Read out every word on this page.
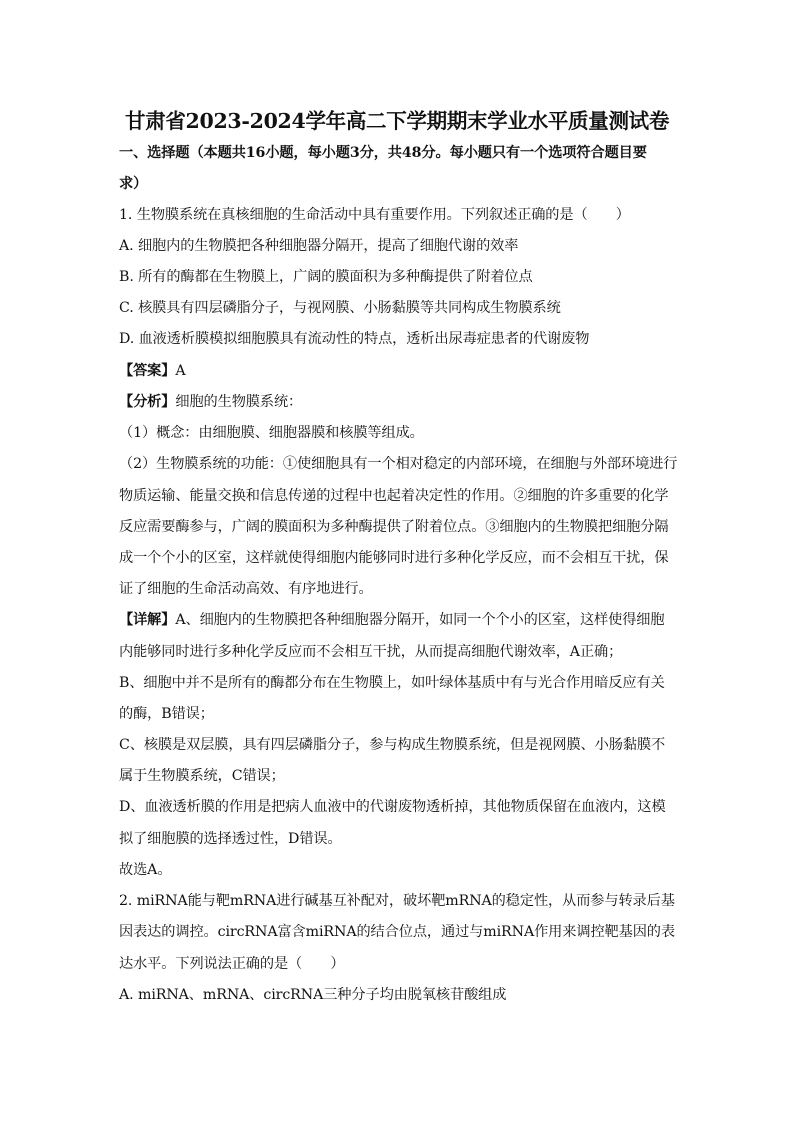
甘肃省2023-2024学年高二下学期期末学业水平质量测试卷
一、选择题（本题共16小题，每小题3分，共48分。每小题只有一个选项符合题目要
求）
1. 生物膜系统在真核细胞的生命活动中具有重要作用。下列叙述正确的是（　　）
A. 细胞内的生物膜把各种细胞器分隔开，提高了细胞代谢的效率
B. 所有的酶都在生物膜上，广阔的膜面积为多种酶提供了附着位点
C. 核膜具有四层磷脂分子，与视网膜、小肠黏膜等共同构成生物膜系统
D. 血液透析膜模拟细胞膜具有流动性的特点，透析出尿毒症患者的代谢废物
【答案】A
【分析】细胞的生物膜系统：
（1）概念：由细胞膜、细胞器膜和核膜等组成。
（2）生物膜系统的功能：①使细胞具有一个相对稳定的内部环境，在细胞与外部环境进行
物质运输、能量交换和信息传递的过程中也起着决定性的作用。②细胞的许多重要的化学
反应需要酶参与，广阔的膜面积为多种酶提供了附着位点。③细胞内的生物膜把细胞分隔
成一个个小的区室，这样就使得细胞内能够同时进行多种化学反应，而不会相互干扰，保
证了细胞的生命活动高效、有序地进行。
【详解】A、细胞内的生物膜把各种细胞器分隔开，如同一个个小的区室，这样使得细胞
内能够同时进行多种化学反应而不会相互干扰，从而提高细胞代谢效率，A正确；
B、细胞中并不是所有的酶都分布在生物膜上，如叶绿体基质中有与光合作用暗反应有关
的酶，B错误；
C、核膜是双层膜，具有四层磷脂分子，参与构成生物膜系统，但是视网膜、小肠黏膜不
属于生物膜系统，C错误；
D、血液透析膜的作用是把病人血液中的代谢废物透析掉，其他物质保留在血液内，这模
拟了细胞膜的选择透过性，D错误。
故选A。
2. miRNA能与靶mRNA进行碱基互补配对，破坏靶mRNA的稳定性，从而参与转录后基
因表达的调控。circRNA富含miRNA的结合位点，通过与miRNA作用来调控靶基因的表
达水平。下列说法正确的是（　　）
A. miRNA、mRNA、circRNA三种分子均由脱氧核苷酸组成
